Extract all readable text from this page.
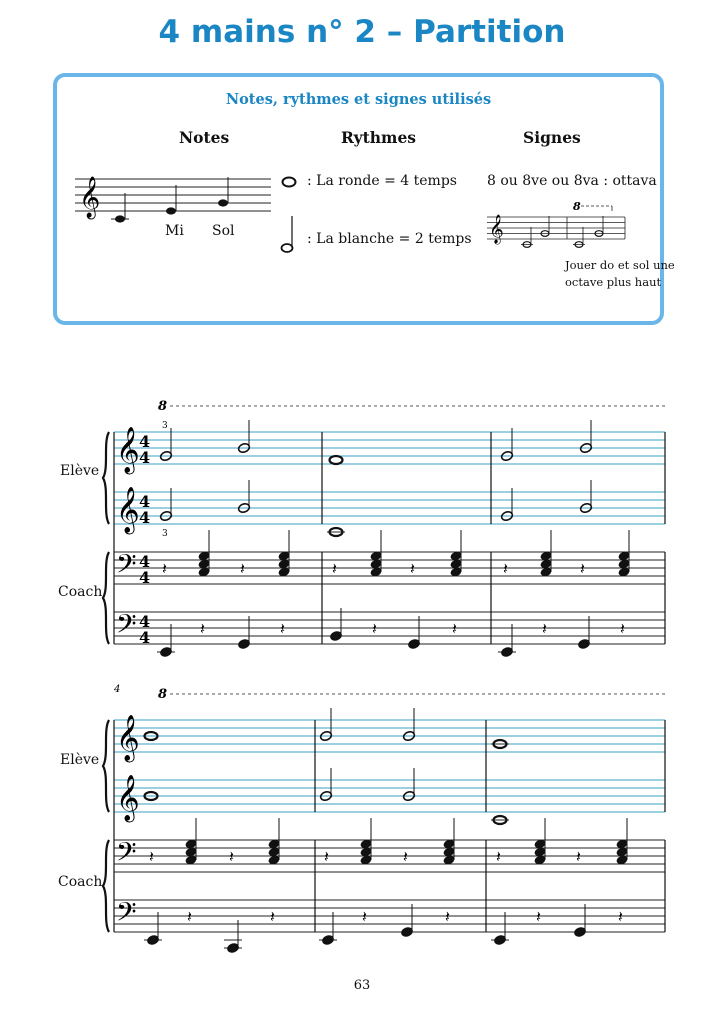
4 mains n° 2 – Partition
Notes, rythmes et signes utilisés
Notes	Rythmes	Signes
𝄞
Mi Sol
: La ronde = 4 temps
: La blanche = 2 temps
8 ou 8ve ou 8va : ottava
𝄞
8
Jouer do et sol une octave plus haut
𝄞
𝄞
𝄢
𝄢
4
4
4
4
4
4
4
4
8
3
3
𝄽	𝄽	𝄽	𝄽	𝄽	𝄽
𝄽	𝄽	𝄽	𝄽	𝄽	𝄽
Elève
Coach
𝄞
𝄞
𝄢
𝄢
8
4
𝄽	𝄽	𝄽	𝄽	𝄽	𝄽
𝄽	𝄽	𝄽	𝄽	𝄽	𝄽
Elève
Coach
63
